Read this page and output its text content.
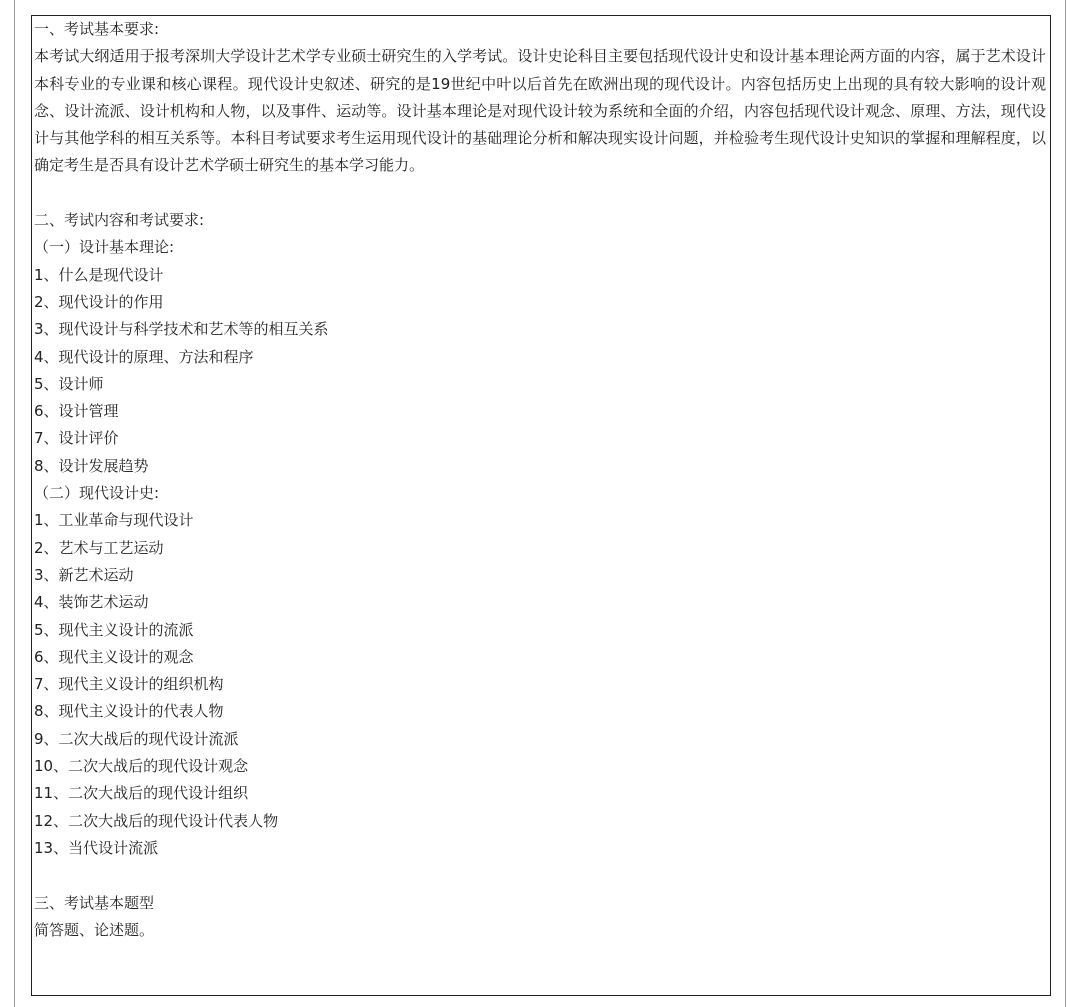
一、考试基本要求:

本考试大纲适用于报考深圳大学设计艺术学专业硕士研究生的入学考试。设计史论科目主要包括现代设计史和设计基本理论两方面的内容，属于艺术设计本科专业的专业课和核心课程。现代设计史叙述、研究的是19世纪中叶以后首先在欧洲出现的现代设计。内容包括历史上出现的具有较大影响的设计观念、设计流派、设计机构和人物，以及事件、运动等。设计基本理论是对现代设计较为系统和全面的介绍，内容包括现代设计观念、原理、方法，现代设计与其他学科的相互关系等。本科目考试要求考生运用现代设计的基础理论分析和解决现实设计问题，并检验考生现代设计史知识的掌握和理解程度，以确定考生是否具有设计艺术学硕士研究生的基本学习能力。

二、考试内容和考试要求:
（一）设计基本理论:
1、什么是现代设计
2、现代设计的作用
3、现代设计与科学技术和艺术等的相互关系
4、现代设计的原理、方法和程序
5、设计师
6、设计管理
7、设计评价
8、设计发展趋势
（二）现代设计史:
1、工业革命与现代设计
2、艺术与工艺运动
3、新艺术运动
4、装饰艺术运动
5、现代主义设计的流派
6、现代主义设计的观念
7、现代主义设计的组织机构
8、现代主义设计的代表人物
9、二次大战后的现代设计流派
10、二次大战后的现代设计观念
11、二次大战后的现代设计组织
12、二次大战后的现代设计代表人物
13、当代设计流派
三、考试基本题型
简答题、论述题。
